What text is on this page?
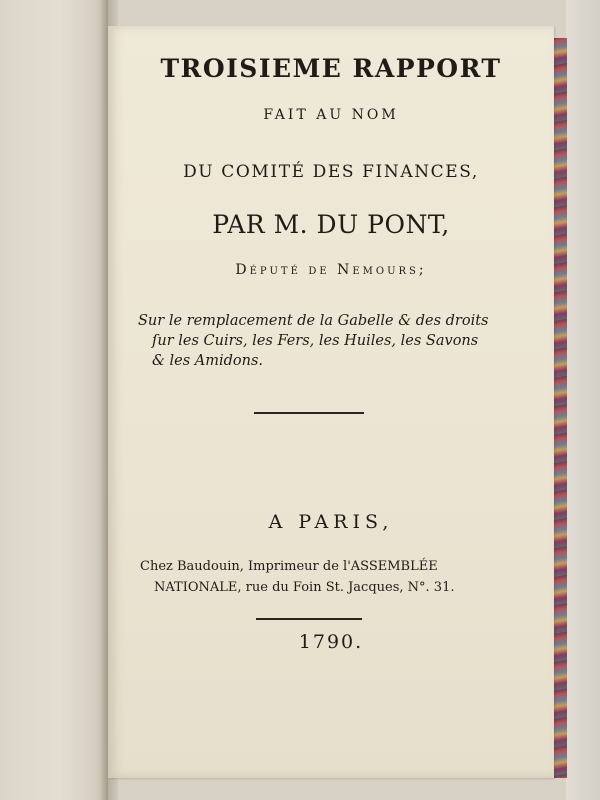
TROISIEME RAPPORT
FAIT AU NOM
DU COMITÉ DES FINANCES,
PAR M. DU PONT,
Député de Nemours;
Sur le remplacement de la Gabelle & des droits
ſur les Cuirs, les Fers, les Huiles, les Savons
& les Amidons.
A PARIS,
Chez Baudouin, Imprimeur de l'ASSEMBLÉE
NATIONALE, rue du Foin St. Jacques, N°. 31.
1790.
